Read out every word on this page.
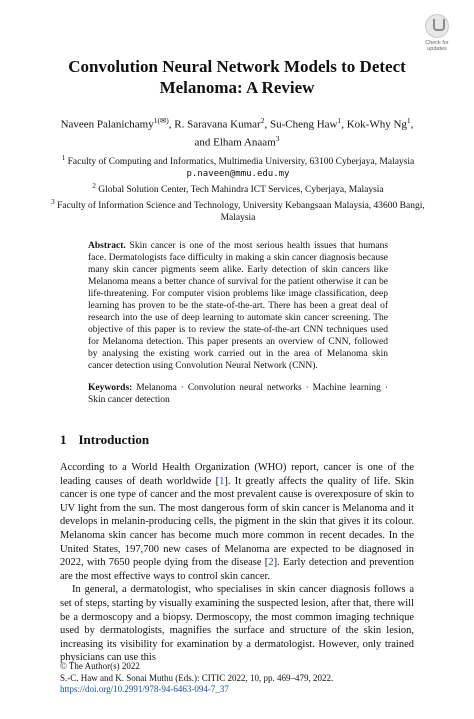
Check for updates
Convolution Neural Network Models to Detect Melanoma: A Review
Naveen Palanichamy$^{1(✉)}$, R. Saravana Kumar$^2$, Su-Cheng Haw$^1$, Kok-Why Ng$^1$,
and Elham Anaam$^3$
$^1$ Faculty of Computing and Informatics, Multimedia University, 63100 Cyberjaya, Malaysia
p.naveen@mmu.edu.my
$^2$ Global Solution Center, Tech Mahindra ICT Services, Cyberjaya, Malaysia
$^3$ Faculty of Information Science and Technology, University Kebangsaan Malaysia, 43600 Bangi, Malaysia
Abstract. Skin cancer is one of the most serious health issues that humans face. Dermatologists face difficulty in making a skin cancer diagnosis because many skin cancer pigments seem alike. Early detection of skin cancers like Melanoma means a better chance of survival for the patient otherwise it can be life-threatening. For computer vision problems like image classification, deep learning has proven to be the state-of-the-art. There has been a great deal of research into the use of deep learning to automate skin cancer screening. The objective of this paper is to review the state-of-the-art CNN techniques used for Melanoma detection. This paper presents an overview of CNN, followed by analysing the existing work carried out in the area of Melanoma skin cancer detection using Convolution Neural Network (CNN).
Keywords: Melanoma · Convolution neural networks · Machine learning · Skin cancer detection
1 Introduction

According to a World Health Organization (WHO) report, cancer is one of the leading causes of death worldwide [1]. It greatly affects the quality of life. Skin cancer is one type of cancer and the most prevalent cause is overexposure of skin to UV light from the sun. The most dangerous form of skin cancer is Melanoma and it develops in melanin-producing cells, the pigment in the skin that gives it its colour. Melanoma skin cancer has become much more common in recent decades. In the United States, 197,700 new cases of Melanoma are expected to be diagnosed in 2022, with 7650 people dying from the disease [2]. Early detection and prevention are the most effective ways to control skin cancer.

In general, a dermatologist, who specialises in skin cancer diagnosis follows a set of steps, starting by visually examining the suspected lesion, after that, there will be a dermoscopy and a biopsy. Dermoscopy, the most common imaging technique used by dermatologists, magnifies the surface and structure of the skin lesion, increasing its visibility for examination by a dermatologist. However, only trained physicians can use this

© The Author(s) 2022
S.-C. Haw and K. Sonai Muthu (Eds.): CITIC 2022, 10, pp. 469–479, 2022.
https://doi.org/10.2991/978-94-6463-094-7_37
